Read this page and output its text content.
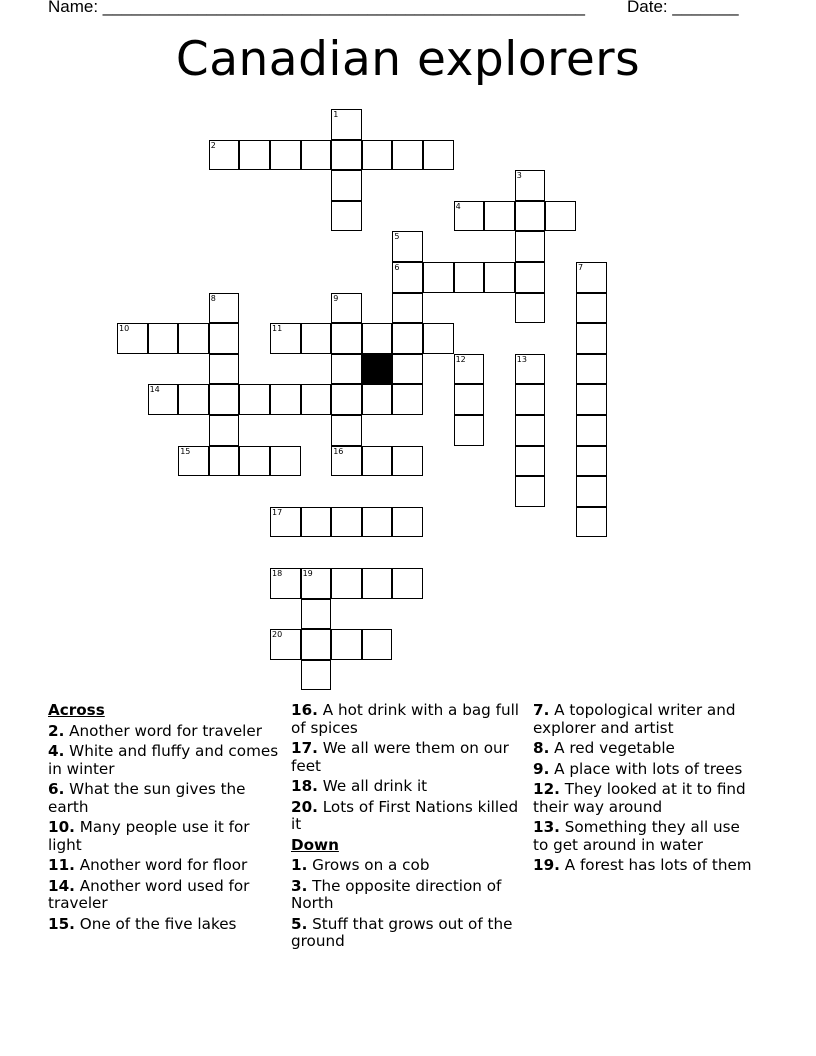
Name: ___________________________________________________ Date: _______
Canadian explorers
1
2
3
4
5
6	7
8	9
10	11
12	13
14
15	16
17
18	19
20
Across
2. Another word for traveler
4. White and fluffy and comes in winter
6. What the sun gives the earth
10. Many people use it for light
11. Another word for floor
14. Another word used for traveler
15. One of the five lakes
16. A hot drink with a bag full of spices
17. We all were them on our feet
18. We all drink it
20. Lots of First Nations killed it
Down
1. Grows on a cob
3. The opposite direction of North
5. Stuff that grows out of the ground
7. A topological writer and explorer and artist
8. A red vegetable
9. A place with lots of trees
12. They looked at it to find their way around
13. Something they all use to get around in water
19. A forest has lots of them
